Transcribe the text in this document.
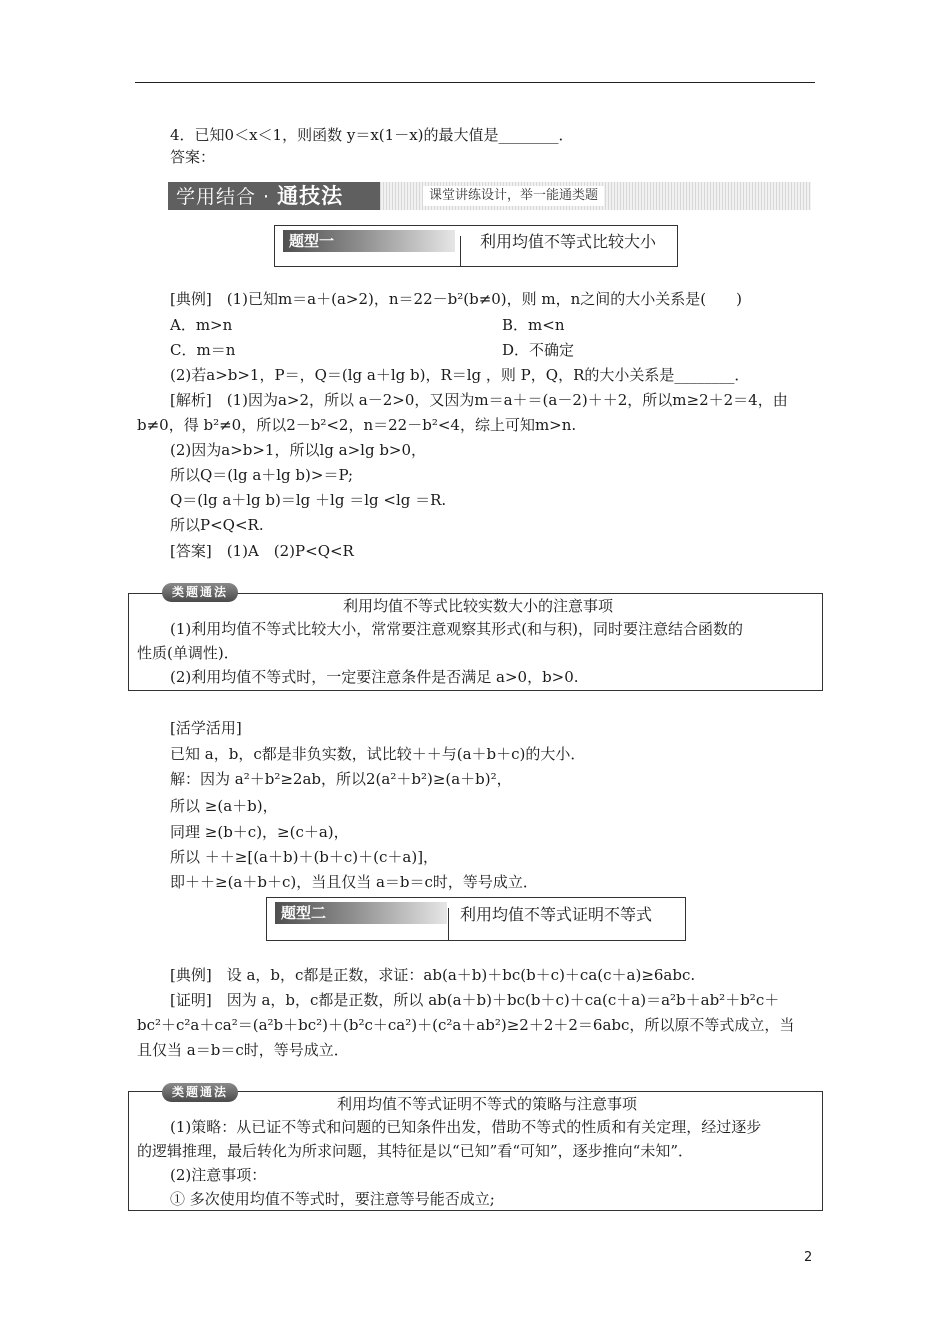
4．已知0＜x＜1，则函数 y＝x(1－x)的最大值是________．
答案：
学用结合 · 通技法	课堂讲练设计，举一能通类题
题型一	利用均值不等式比较大小
[典例]　(1)已知m＝a＋(a>2)，n＝22－b²(b≠0)，则 m，n之间的大小关系是(　　)
A．m>n	B．m<n
C．m＝n	D．不确定
(2)若a>b>1，P＝，Q＝(lg a＋lg b)，R＝lg ，则 P，Q，R的大小关系是________．
[解析]　(1)因为a>2，所以 a－2>0，又因为m＝a＋＝(a－2)＋＋2，所以m≥2＋2＝4，由
b≠0，得 b²≠0，所以2－b²<2，n＝22－b²<4，综上可知m>n.
(2)因为a>b>1，所以lg a>lg b>0，
所以Q＝(lg a＋lg b)>＝P;
Q＝(lg a＋lg b)＝lg ＋lg ＝lg <lg ＝R.
所以P<Q<R.
[答案]　(1)A　(2)P<Q<R
利用均值不等式比较实数大小的注意事项
(1)利用均值不等式比较大小，常常要注意观察其形式(和与积)，同时要注意结合函数的
性质(单调性)．
(2)利用均值不等式时，一定要注意条件是否满足 a>0，b>0.
类题通法
[活学活用]
已知 a，b，c都是非负实数，试比较＋＋与(a＋b＋c)的大小．
解：因为 a²＋b²≥2ab，所以2(a²＋b²)≥(a＋b)²，
所以 ≥(a＋b)，
同理 ≥(b＋c)，≥(c＋a)，
所以 ＋＋≥[(a＋b)＋(b＋c)＋(c＋a)]，
即＋＋≥(a＋b＋c)，当且仅当 a＝b＝c时，等号成立．
题型二	利用均值不等式证明不等式
[典例]　设 a，b，c都是正数，求证：ab(a＋b)＋bc(b＋c)＋ca(c＋a)≥6abc.
[证明]　因为 a，b，c都是正数，所以 ab(a＋b)＋bc(b＋c)＋ca(c＋a)＝a²b＋ab²＋b²c＋
bc²＋c²a＋ca²＝(a²b＋bc²)＋(b²c＋ca²)＋(c²a＋ab²)≥2＋2＋2＝6abc，所以原不等式成立，当
且仅当 a＝b＝c时，等号成立．
利用均值不等式证明不等式的策略与注意事项
(1)策略：从已证不等式和问题的已知条件出发，借助不等式的性质和有关定理，经过逐步
的逻辑推理，最后转化为所求问题，其特征是以“已知”看“可知”，逐步推向“未知”．
(2)注意事项：
① 多次使用均值不等式时，要注意等号能否成立;
类题通法
2
